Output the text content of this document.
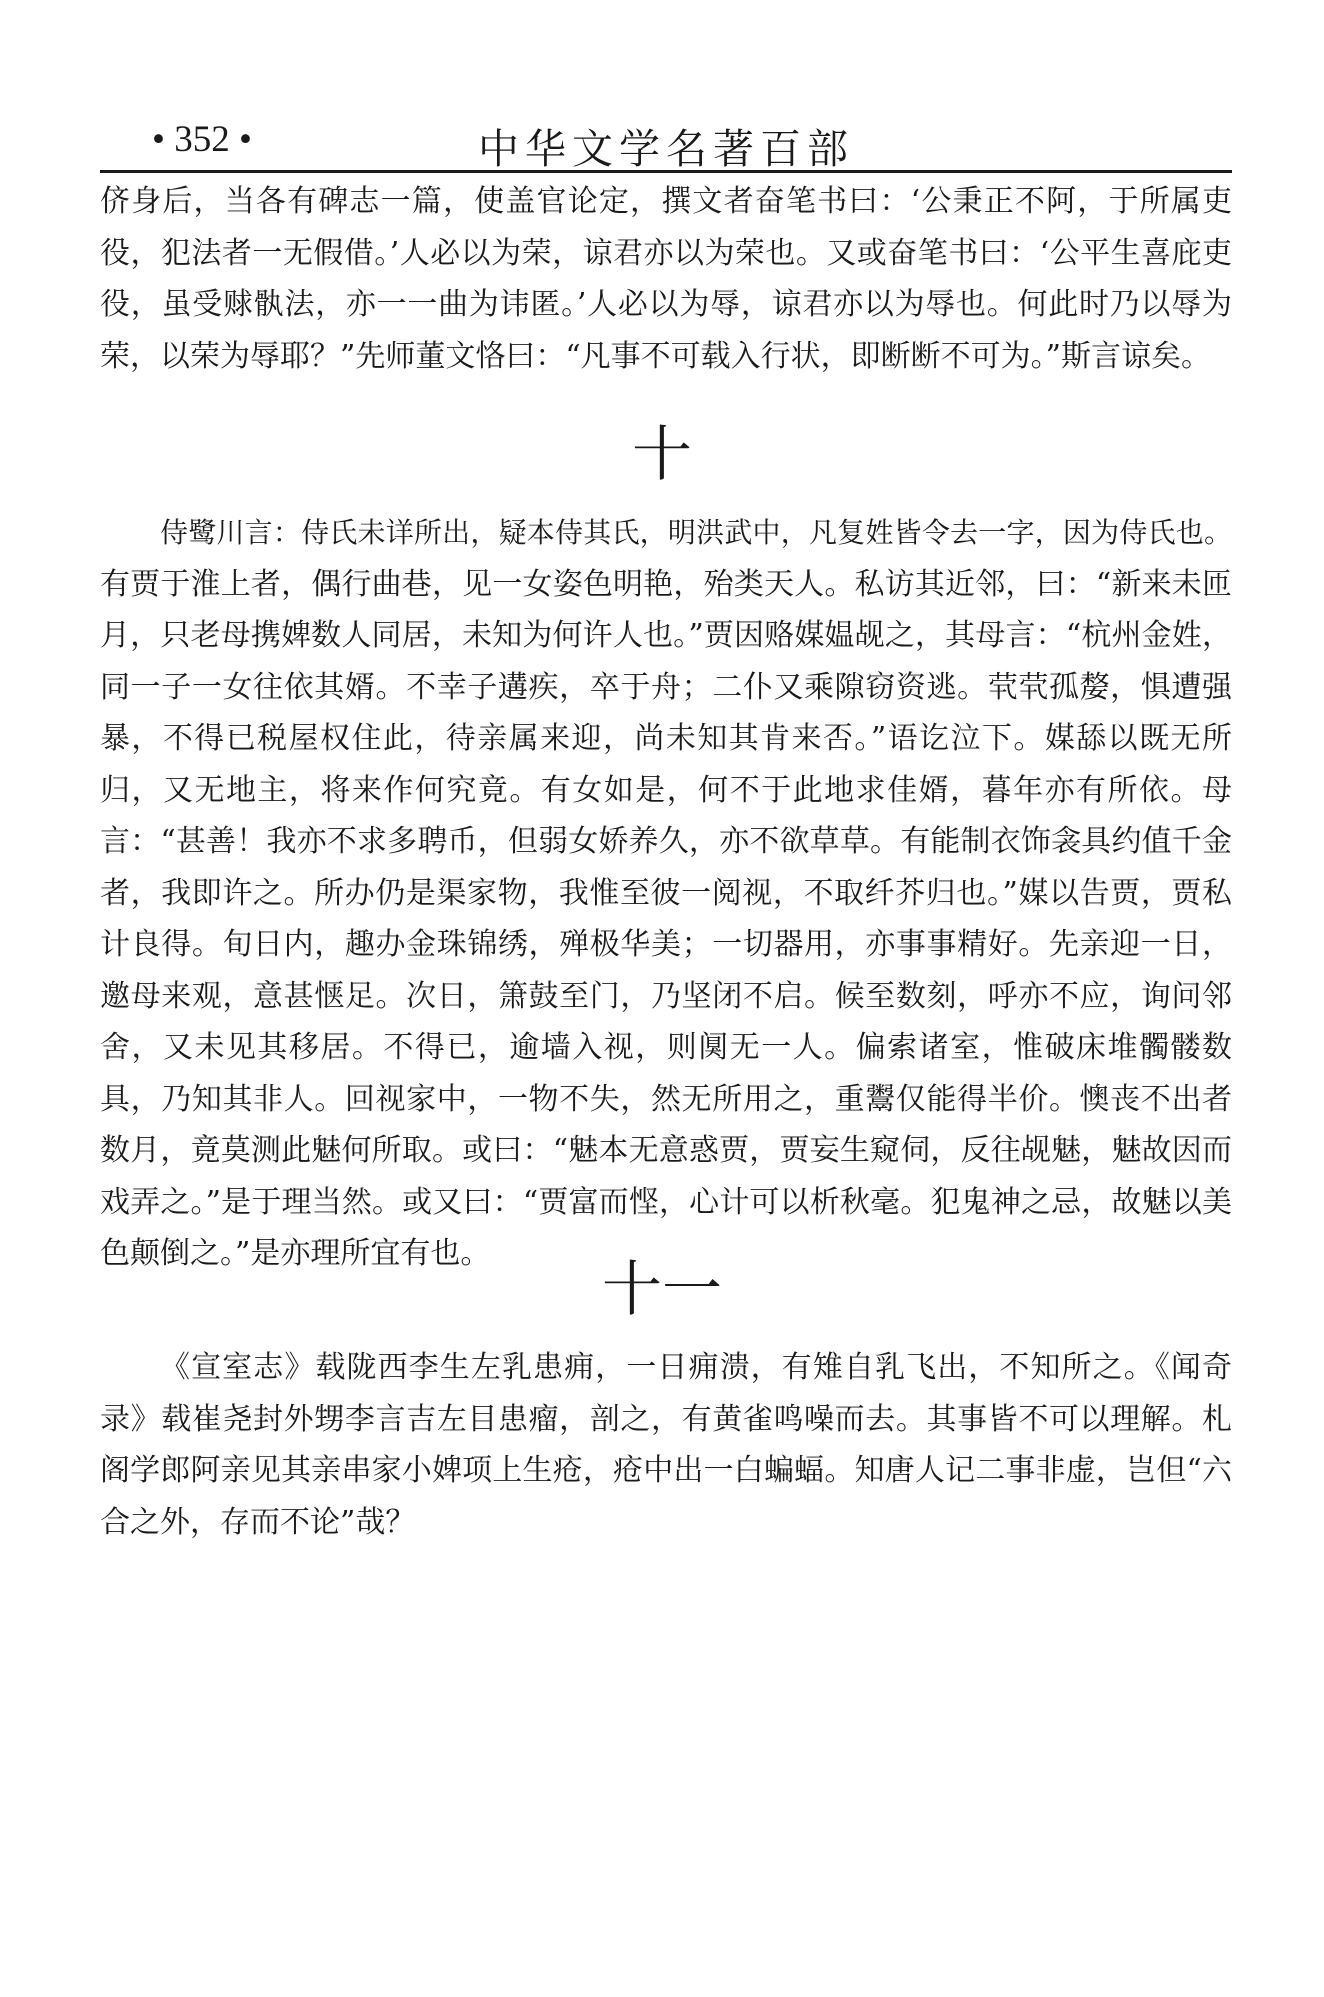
• 352 •	中华文学名著百部

侪身后，当各有碑志一篇，使盖官论定，撰文者奋笔书曰：‘公秉正不阿，于所属吏役，犯法者一无假借。’人必以为荣，谅君亦以为荣也。又或奋笔书曰：‘公平生喜庇吏役，虽受赇骫法，亦一一曲为讳匿。’人必以为辱，谅君亦以为辱也。何此时乃以辱为荣，以荣为辱耶？”先师董文恪曰：“凡事不可载入行状，即断断不可为。”斯言谅矣。

十

侍鹭川言：侍氏未详所出，疑本侍其氏，明洪武中，凡复姓皆令去一字，因为侍氏也。有贾于淮上者，偶行曲巷，见一女姿色明艳，殆类天人。私访其近邻，曰：“新来未匝月，只老母携婢数人同居，未知为何许人也。”贾因赂媒媪觇之，其母言：“杭州金姓，同一子一女往依其婿。不幸子遘疾，卒于舟；二仆又乘隙窃资逃。茕茕孤嫠，惧遭强暴，不得已税屋权住此，待亲属来迎，尚未知其肯来否。”语讫泣下。媒舔以既无所归，又无地主，将来作何究竟。有女如是，何不于此地求佳婿，暮年亦有所依。母言：“甚善！我亦不求多聘币，但弱女娇养久，亦不欲草草。有能制衣饰衾具约值千金者，我即许之。所办仍是渠家物，我惟至彼一阅视，不取纤芥归也。”媒以告贾，贾私计良得。旬日内，趣办金珠锦绣，殚极华美；一切器用，亦事事精好。先亲迎一日，邀母来观，意甚惬足。次日，箫鼓至门，乃坚闭不启。候至数刻，呼亦不应，询问邻舍，又未见其移居。不得已，逾墙入视，则阒无一人。偏索诸室，惟破床堆髑髅数具，乃知其非人。回视家中，一物不失，然无所用之，重鬻仅能得半价。懊丧不出者数月，竟莫测此魅何所取。或曰：“魅本无意惑贾，贾妄生窥伺，反往觇魅，魅故因而戏弄之。”是于理当然。或又曰：“贾富而悭，心计可以析秋毫。犯鬼神之忌，故魅以美色颠倒之。”是亦理所宜有也。

十一

《宣室志》载陇西李生左乳患痈，一日痈溃，有雉自乳飞出，不知所之。《闻奇录》载崔尧封外甥李言吉左目患瘤，剖之，有黄雀鸣噪而去。其事皆不可以理解。札阁学郎阿亲见其亲串家小婢项上生疮，疮中出一白蝙蝠。知唐人记二事非虚，岂但“六合之外，存而不论”哉？
